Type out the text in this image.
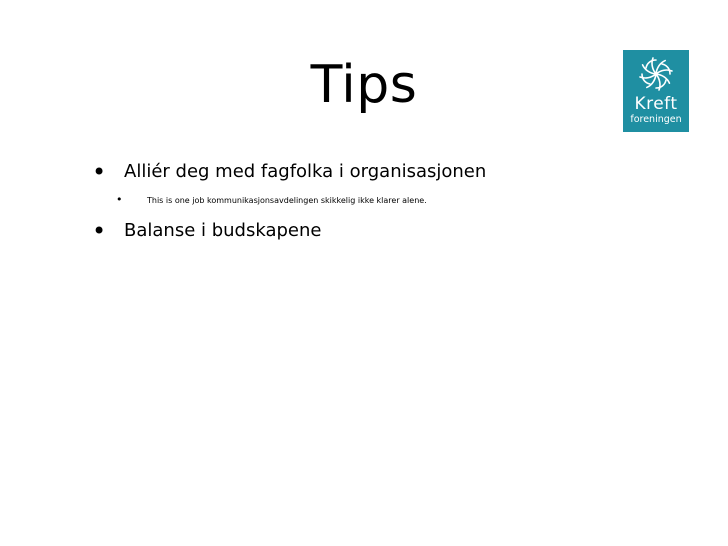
Tips	Kreft
foreningen
• Alliér deg med fagfolka i organisasjonen
•	This is one job kommunikasjonsavdelingen skikkelig ikke klarer alene.
• Balanse i budskapene
